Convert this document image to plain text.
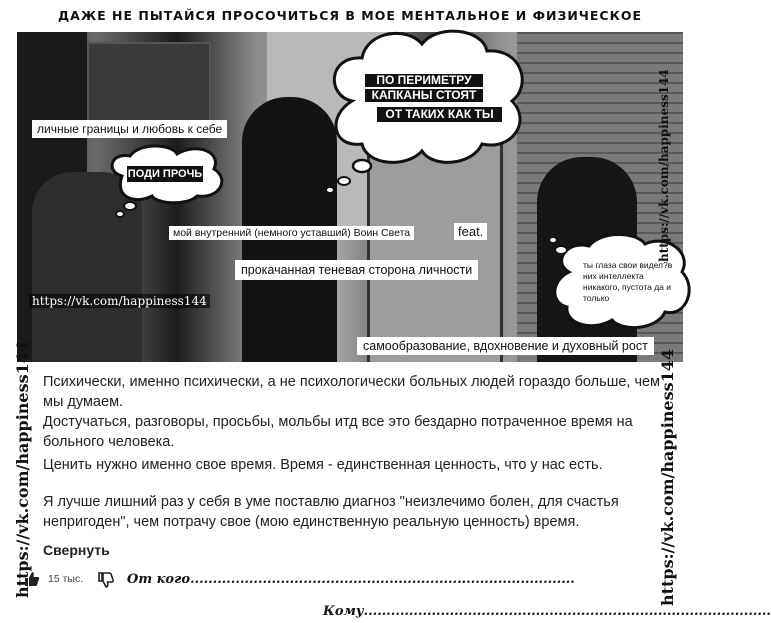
ДАЖЕ НЕ ПЫТАЙСЯ ПРОСОЧИТЬСЯ В МОЕ МЕНТАЛЬНОЕ И ФИЗИЧЕСКОЕ
ПО ПЕРИМЕТРУ
КАПКАНЫ СТОЯТ
ОТ ТАКИХ КАК ТЫ
ПОДИ ПРОЧЬ
ты глаза свои видел?в них интеллекта никакого, пустота да и только
личные границы и любовь к себе
мой внутренний (немного уставший) Воин Света	feat.
прокачанная теневая сторона личности
самообразование, вдохновение и духовный рост
https://vk.com/happiness144
https://vk.com/happiness144
Психически, именно психически, а не психологически больных людей гораздо больше, чем мы думаем.
Достучаться, разговоры, просьбы, мольбы итд все это бездарно потраченное время на больного человека.
Ценить нужно именно свое время. Время - единственная ценность, что у нас есть.
Я лучше лишний раз у себя в уме поставлю диагноз "неизлечимо болен, для счастья непригоден", чем потрачу свое (мою единственную реальную ценность) время.
Свернуть
https://vk.com/happiness144	https://vk.com/happiness144
15 тыс.	От кого.....................................................................................
Кому..........................................................................................
